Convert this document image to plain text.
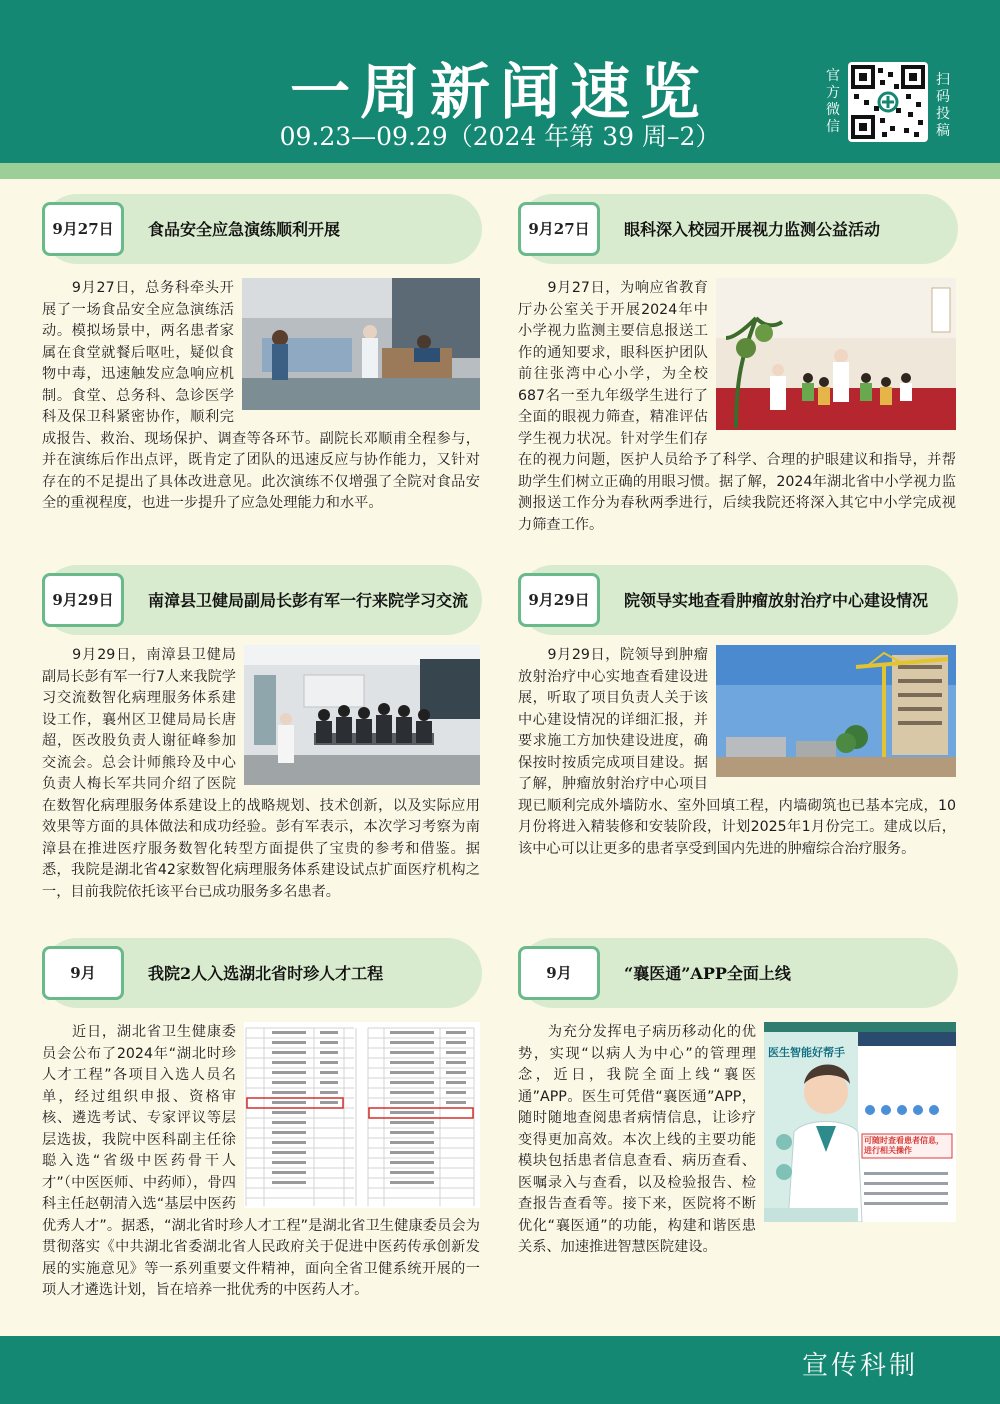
一周新闻速览
09.23—09.29（2024 年第 39 周–2）
官方微信
扫码投稿
9月27日	食品安全应急演练顺利开展
　　9月27日，总务科牵头开展了一场食品安全应急演练活动。模拟场景中，两名患者家属在食堂就餐后呕吐，疑似食物中毒，迅速触发应急响应机制。食堂、总务科、急诊医学科及保卫科紧密协作，顺利完成报告、救治、现场保护、调查等各环节。副院长邓顺甫全程参与，并在演练后作出点评，既肯定了团队的迅速反应与协作能力，又针对存在的不足提出了具体改进意见。此次演练不仅增强了全院对食品安全的重视程度，也进一步提升了应急处理能力和水平。
9月27日	眼科深入校园开展视力监测公益活动
　　9月27日，为响应省教育厅办公室关于开展2024年中小学视力监测主要信息报送工作的通知要求，眼科医护团队前往张湾中心小学，为全校687名一至九年级学生进行了全面的眼视力筛查，精准评估学生视力状况。针对学生们存在的视力问题，医护人员给予了科学、合理的护眼建议和指导，并帮助学生们树立正确的用眼习惯。据了解，2024年湖北省中小学视力监测报送工作分为春秋两季进行，后续我院还将深入其它中小学完成视力筛查工作。
9月29日	南漳县卫健局副局长彭有军一行来院学习交流
　　9月29日，南漳县卫健局副局长彭有军一行7人来我院学习交流数智化病理服务体系建设工作，襄州区卫健局局长唐超，医改股负责人谢征峰参加交流会。总会计师熊玲及中心负责人梅长军共同介绍了医院在数智化病理服务体系建设上的战略规划、技术创新，以及实际应用效果等方面的具体做法和成功经验。彭有军表示，本次学习考察为南漳县在推进医疗服务数智化转型方面提供了宝贵的参考和借鉴。据悉，我院是湖北省42家数智化病理服务体系建设试点扩面医疗机构之一，目前我院依托该平台已成功服务多名患者。
9月29日	院领导实地查看肿瘤放射治疗中心建设情况
　　9月29日，院领导到肿瘤放射治疗中心实地查看建设进展，听取了项目负责人关于该中心建设情况的详细汇报，并要求施工方加快建设进度，确保按时按质完成项目建设。据了解，肿瘤放射治疗中心项目现已顺利完成外墙防水、室外回填工程，内墙砌筑也已基本完成，10月份将进入精装修和安装阶段，计划2025年1月份完工。建成以后，该中心可以让更多的患者享受到国内先进的肿瘤综合治疗服务。
9月	我院2人入选湖北省时珍人才工程
　　近日，湖北省卫生健康委员会公布了2024年“湖北时珍人才工程”各项目入选人员名单，经过组织申报、资格审核、遴选考试、专家评议等层层选拔，我院中医科副主任徐聪入选“省级中医药骨干人才”（中医医师、中药师），骨四科主任赵朝清入选“基层中医药优秀人才”。据悉，“湖北省时珍人才工程”是湖北省卫生健康委员会为贯彻落实《中共湖北省委湖北省人民政府关于促进中医药传承创新发展的实施意见》等一系列重要文件精神，面向全省卫健系统开展的一项人才遴选计划，旨在培养一批优秀的中医药人才。
9月	“襄医通”APP全面上线
医生智能好帮手
可随时查看患者信息，进行相关操作
　　为充分发挥电子病历移动化的优势，实现“以病人为中心”的管理理念，近日，我院全面上线“襄医通”APP。医生可凭借“襄医通”APP，随时随地查阅患者病情信息，让诊疗变得更加高效。本次上线的主要功能模块包括患者信息查看、病历查看、医嘱录入与查看，以及检验报告、检查报告查看等。接下来，医院将不断优化“襄医通”的功能，构建和谐医患关系、加速推进智慧医院建设。
宣传科制
